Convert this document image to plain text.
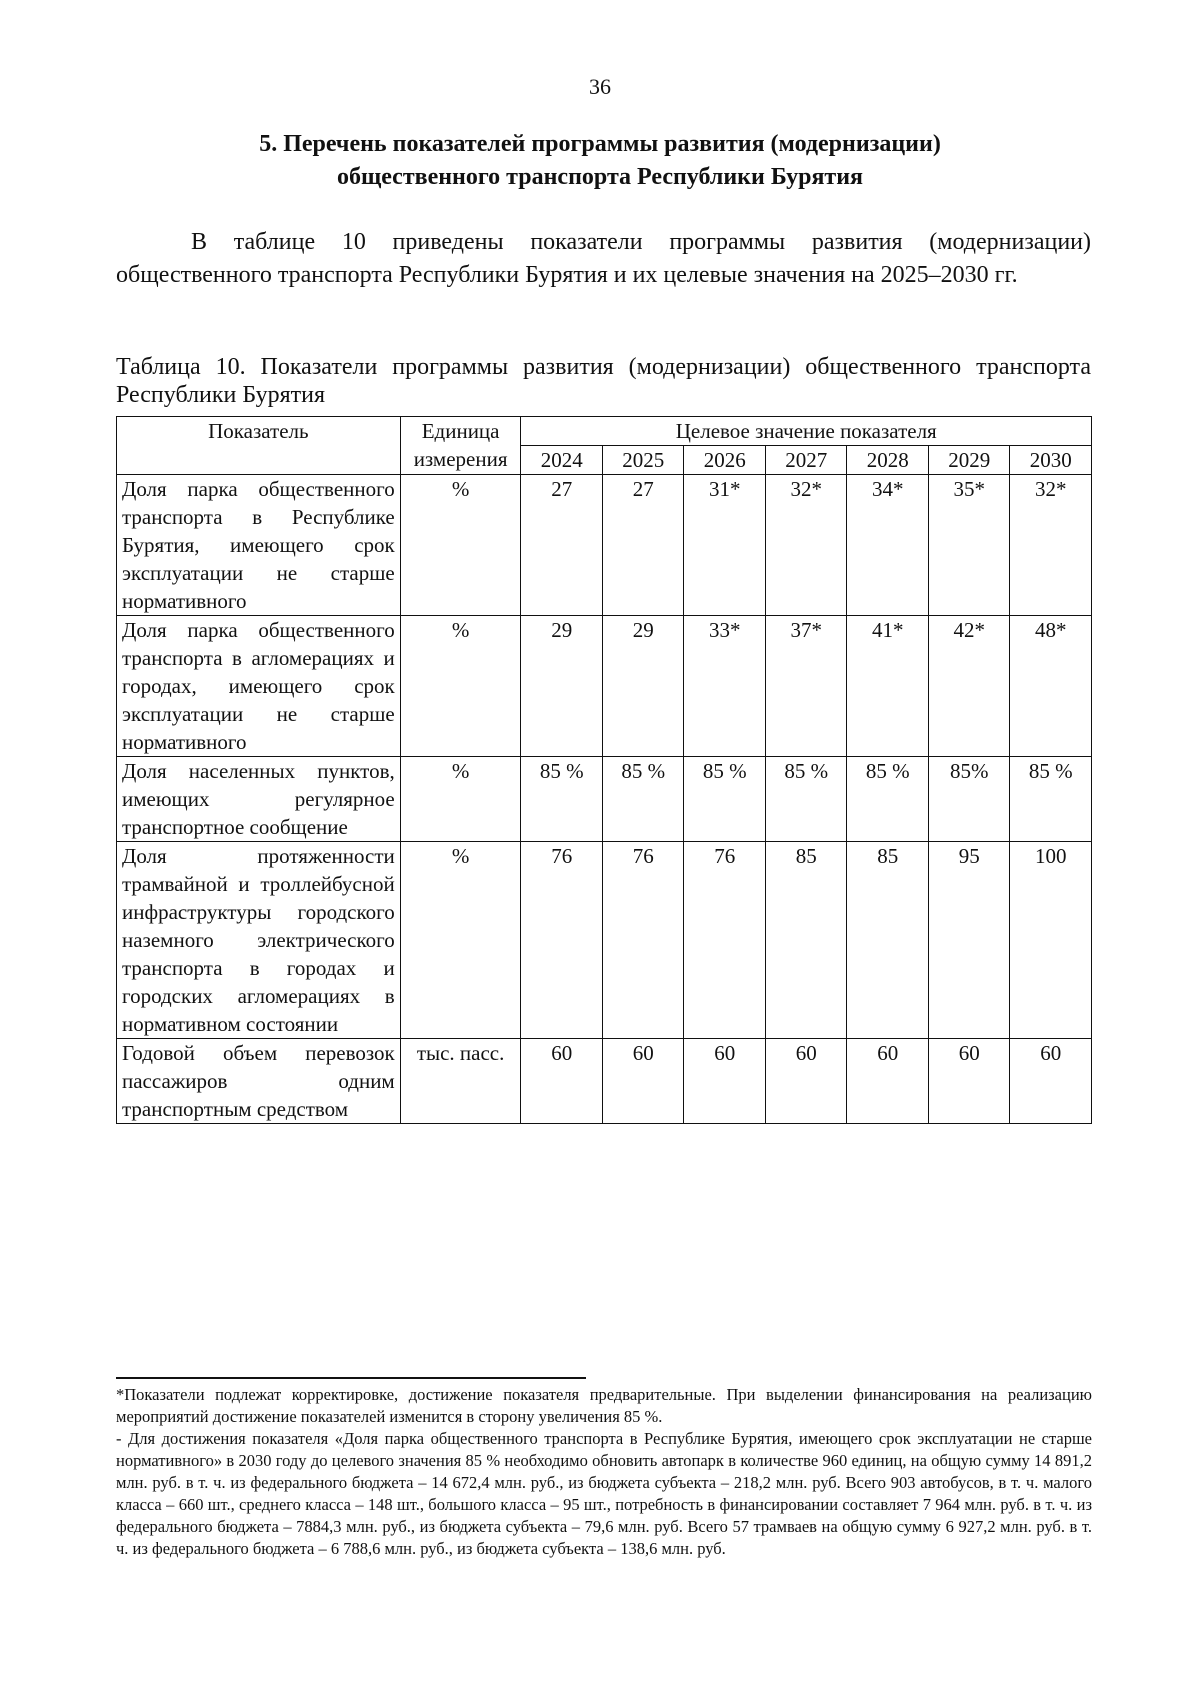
36
5. Перечень показателей программы развития (модернизации)
общественного транспорта Республики Бурятия

В таблице 10 приведены показатели программы развития (модернизации) общественного транспорта Республики Бурятия и их целевые значения на 2025–2030 гг.

Таблица 10. Показатели программы развития (модернизации) общественного транспорта Республики Бурятия

Показатель	Единица измерения	Целевое значение показателя						
		2024	2025	2026	2027	2028	2029	2030
Доля парка общественного транспорта в Республике Бурятия, имеющего срок эксплуатации не старше нормативного	%	27	27	31*	32*	34*	35*	32*
Доля парка общественного транспорта в агломерациях и городах, имеющего срок эксплуатации не старше нормативного	%	29	29	33*	37*	41*	42*	48*
Доля населенных пунктов, имеющих регулярное транспортное сообщение	%	85 %	85 %	85 %	85 %	85 %	85%	85 %
Доля протяженности трамвайной и троллейбусной инфраструктуры городского наземного электрического транспорта в городах и городских агломерациях в нормативном состоянии	%	76	76	76	85	85	95	100
Годовой объем перевозок пассажиров одним транспортным средством	тыс. пасс.	60	60	60	60	60	60	60

*Показатели подлежат корректировке, достижение показателя предварительные. При выделении финансирования на реализацию мероприятий достижение показателей изменится в сторону увеличения 85 %.

- Для достижения показателя «Доля парка общественного транспорта в Республике Бурятия, имеющего срок эксплуатации не старше нормативного» в 2030 году до целевого значения 85 % необходимо обновить автопарк в количестве 960 единиц, на общую сумму 14 891,2 млн. руб. в т. ч. из федерального бюджета – 14 672,4 млн. руб., из бюджета субъекта – 218,2 млн. руб. Всего 903 автобусов, в т. ч. малого класса – 660 шт., среднего класса – 148 шт., большого класса – 95 шт., потребность в финансировании составляет 7 964 млн. руб. в т. ч. из федерального бюджета – 7884,3 млн. руб., из бюджета субъекта – 79,6 млн. руб. Всего 57 трамваев на общую сумму 6 927,2 млн. руб. в т. ч. из федерального бюджета – 6 788,6 млн. руб., из бюджета субъекта – 138,6 млн. руб.
